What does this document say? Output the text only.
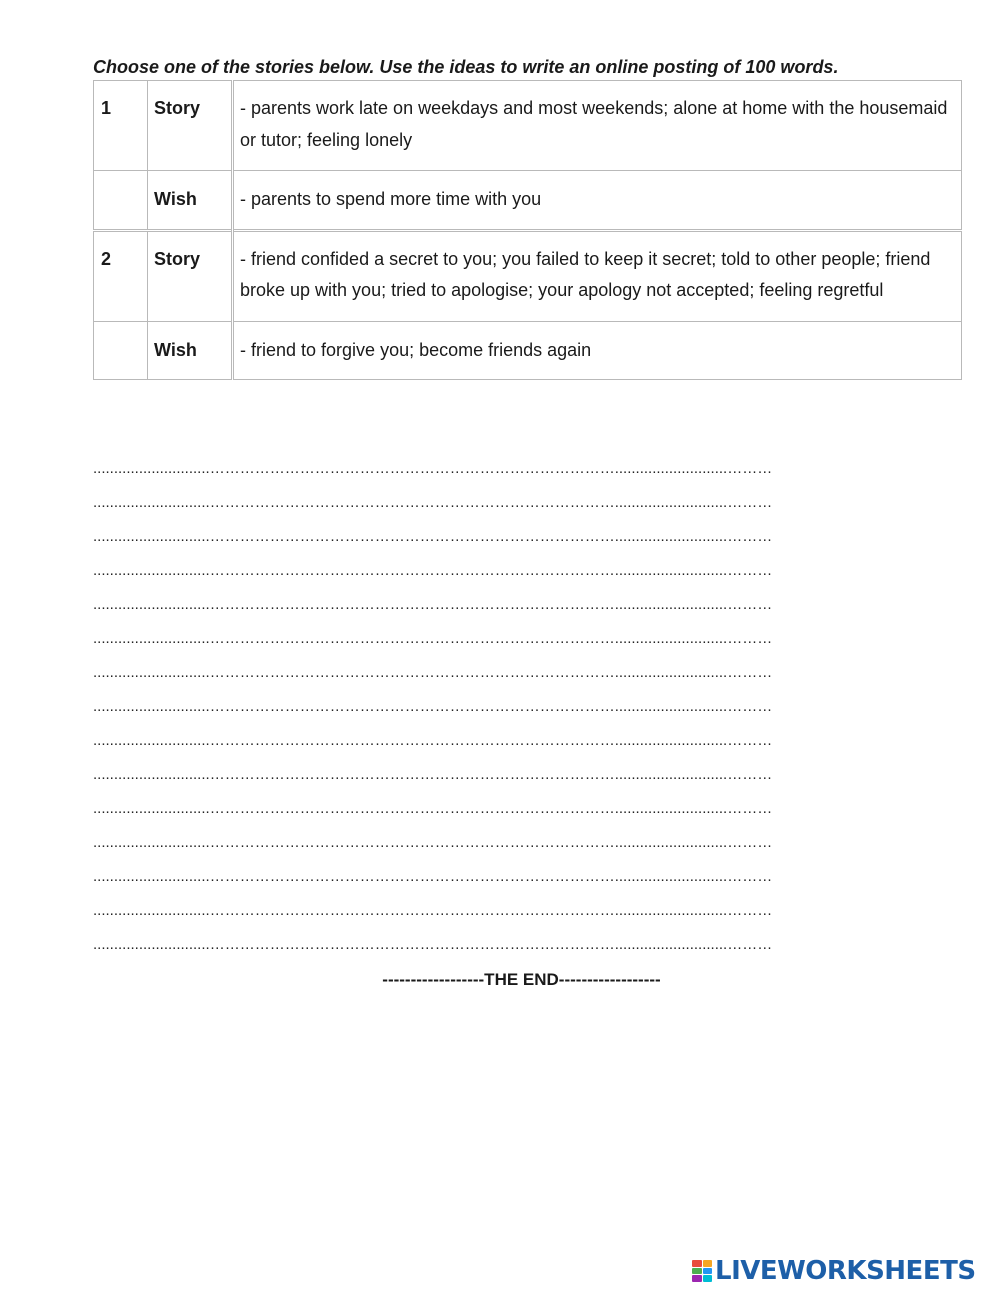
Choose one of the stories below. Use the ideas to write an online posting of 100 words.

1	Story	- parents work late on weekdays and most weekends; alone at home with the housemaid or tutor; feeling lonely
	Wish	- parents to spend more time with you
2	Story	- friend confided a secret to you; you failed to keep it secret; told to other people; friend broke up with you; tried to apologise; your apology not accepted; feeling regretful
	Wish	- friend to forgive you; become friends again
............................………………………………………………………………………...........................………
............................………………………………………………………………………...........................………
............................………………………………………………………………………...........................………
............................………………………………………………………………………...........................………
............................………………………………………………………………………...........................………
............................………………………………………………………………………...........................………
............................………………………………………………………………………...........................………
............................………………………………………………………………………...........................………
............................………………………………………………………………………...........................………
............................………………………………………………………………………...........................………
............................………………………………………………………………………...........................………
............................………………………………………………………………………...........................………
............................………………………………………………………………………...........................………
............................………………………………………………………………………...........................………
............................………………………………………………………………………...........................………

------------------THE END------------------

LIVEWORKSHEETS
